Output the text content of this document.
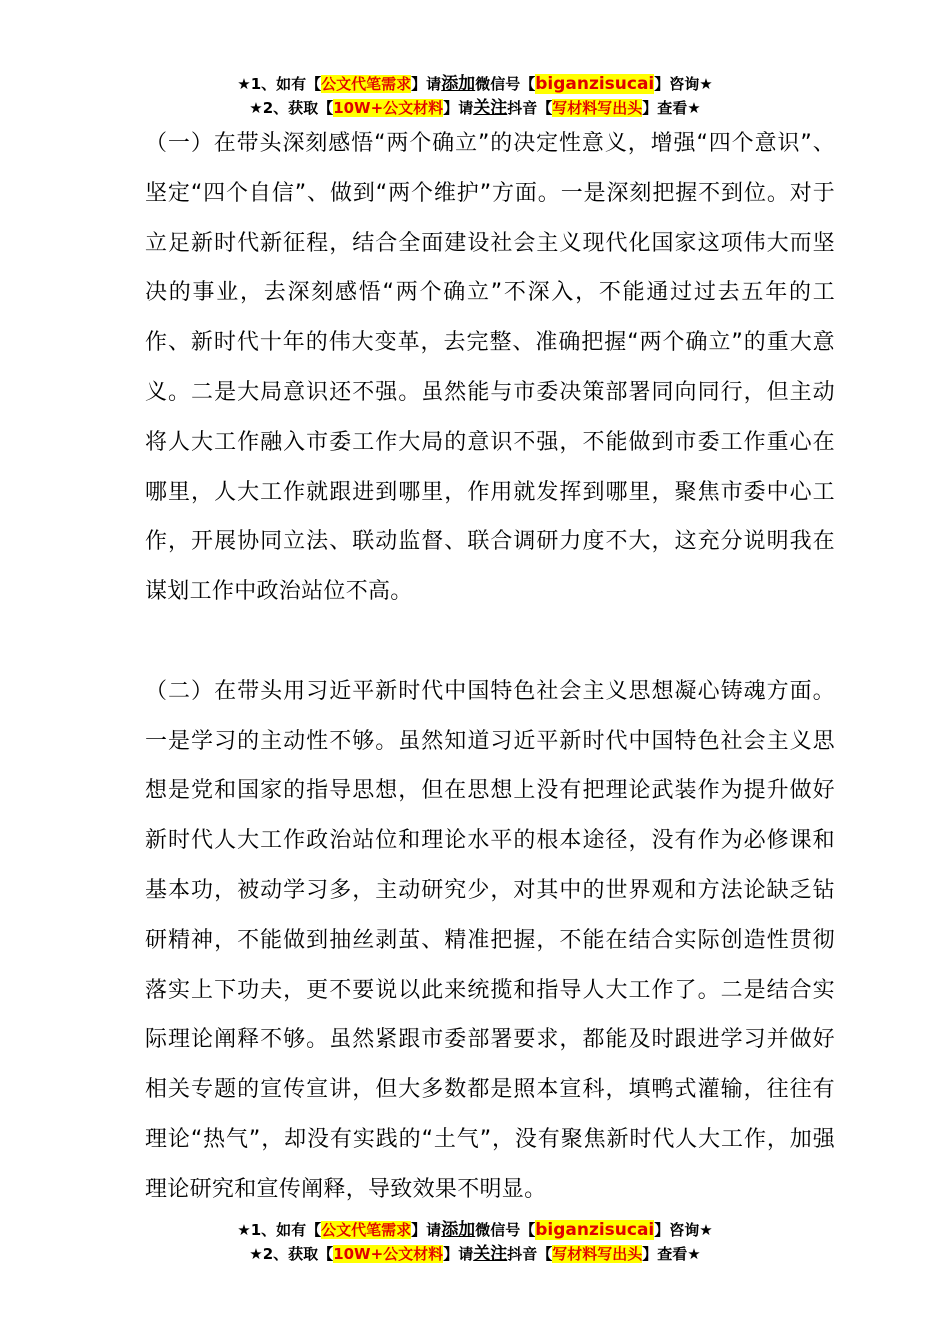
★1、如有【公文代笔需求】请添加微信号【biganzisucai】咨询★
★2、获取【10W+公文材料】请关注抖音【写材料写出头】查看★

（一）在带头深刻感悟“两个确立”的决定性意义，增强“四个意识”、坚定“四个自信”、做到“两个维护”方面。一是深刻把握不到位。对于立足新时代新征程，结合全面建设社会主义现代化国家这项伟大而坚决的事业，去深刻感悟“两个确立”不深入，不能通过过去五年的工作、新时代十年的伟大变革，去完整、准确把握“两个确立”的重大意义。二是大局意识还不强。虽然能与市委决策部署同向同行，但主动将人大工作融入市委工作大局的意识不强，不能做到市委工作重心在哪里，人大工作就跟进到哪里，作用就发挥到哪里，聚焦市委中心工作，开展协同立法、联动监督、联合调研力度不大，这充分说明我在谋划工作中政治站位不高。

（二）在带头用习近平新时代中国特色社会主义思想凝心铸魂方面。一是学习的主动性不够。虽然知道习近平新时代中国特色社会主义思想是党和国家的指导思想，但在思想上没有把理论武装作为提升做好新时代人大工作政治站位和理论水平的根本途径，没有作为必修课和基本功，被动学习多，主动研究少，对其中的世界观和方法论缺乏钻研精神，不能做到抽丝剥茧、精准把握，不能在结合实际创造性贯彻落实上下功夫，更不要说以此来统揽和指导人大工作了。二是结合实际理论阐释不够。虽然紧跟市委部署要求，都能及时跟进学习并做好相关专题的宣传宣讲，但大多数都是照本宣科，填鸭式灌输，往往有理论“热气”，却没有实践的“土气”，没有聚焦新时代人大工作，加强理论研究和宣传阐释，导致效果不明显。

★1、如有【公文代笔需求】请添加微信号【biganzisucai】咨询★
★2、获取【10W+公文材料】请关注抖音【写材料写出头】查看★
